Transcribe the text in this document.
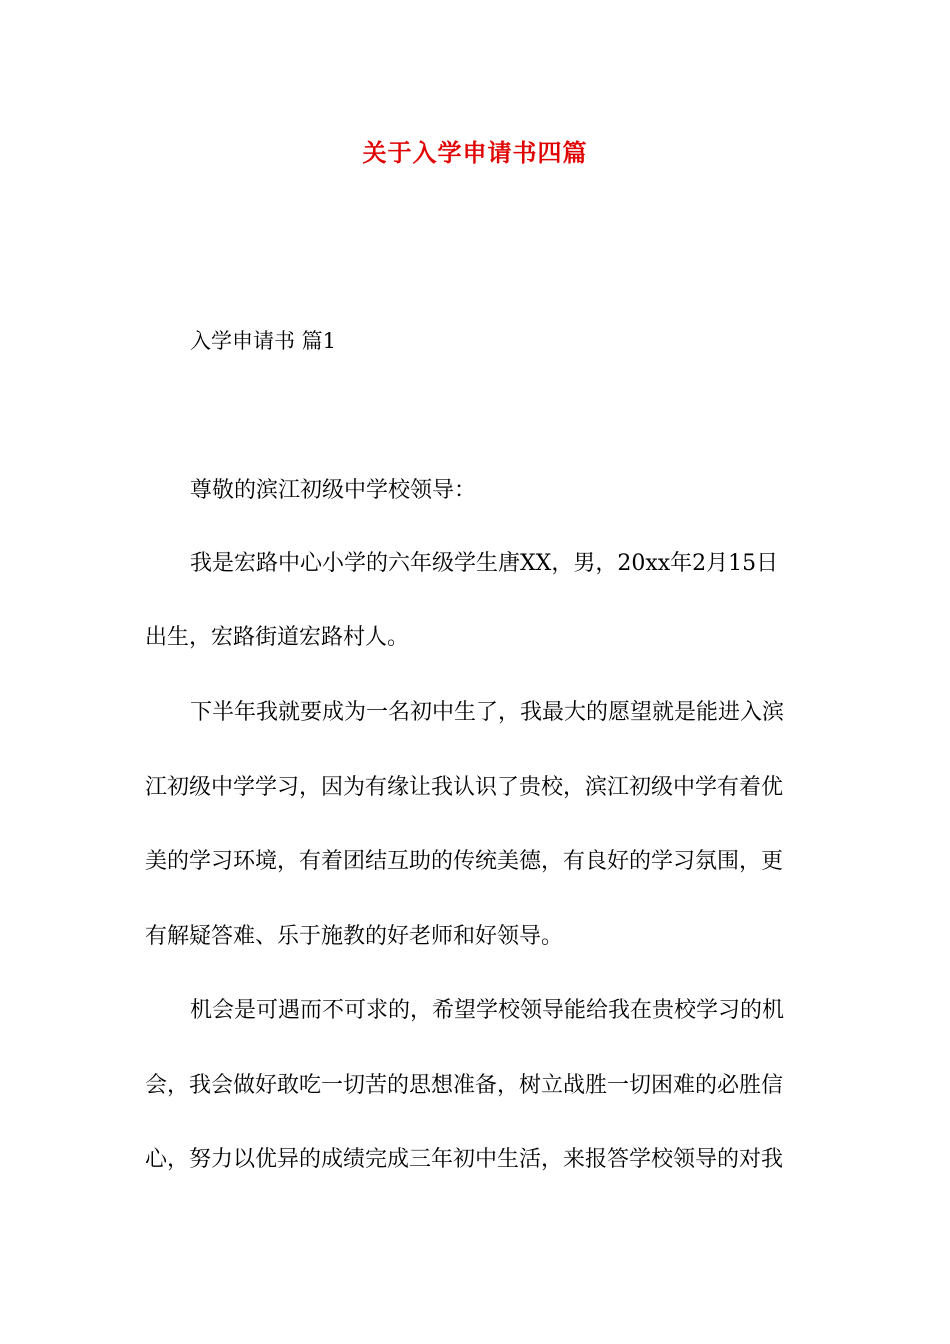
关于入学申请书四篇
入学申请书 篇1
尊敬的滨江初级中学校领导：
我是宏路中心小学的六年级学生唐XX，男，20xx年2月15日
出生，宏路街道宏路村人。
下半年我就要成为一名初中生了，我最大的愿望就是能进入滨
江初级中学学习，因为有缘让我认识了贵校，滨江初级中学有着优
美的学习环境，有着团结互助的传统美德，有良好的学习氛围，更
有解疑答难、乐于施教的好老师和好领导。
机会是可遇而不可求的，希望学校领导能给我在贵校学习的机
会，我会做好敢吃一切苦的思想准备，树立战胜一切困难的必胜信
心，努力以优异的成绩完成三年初中生活，来报答学校领导的对我
